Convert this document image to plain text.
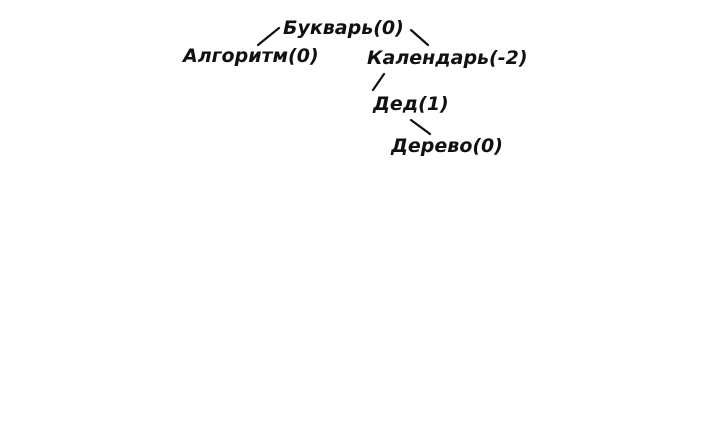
Букварь(0)
Алгоритм(0)	Календарь(-2)
Дед(1)
Дерево(0)
